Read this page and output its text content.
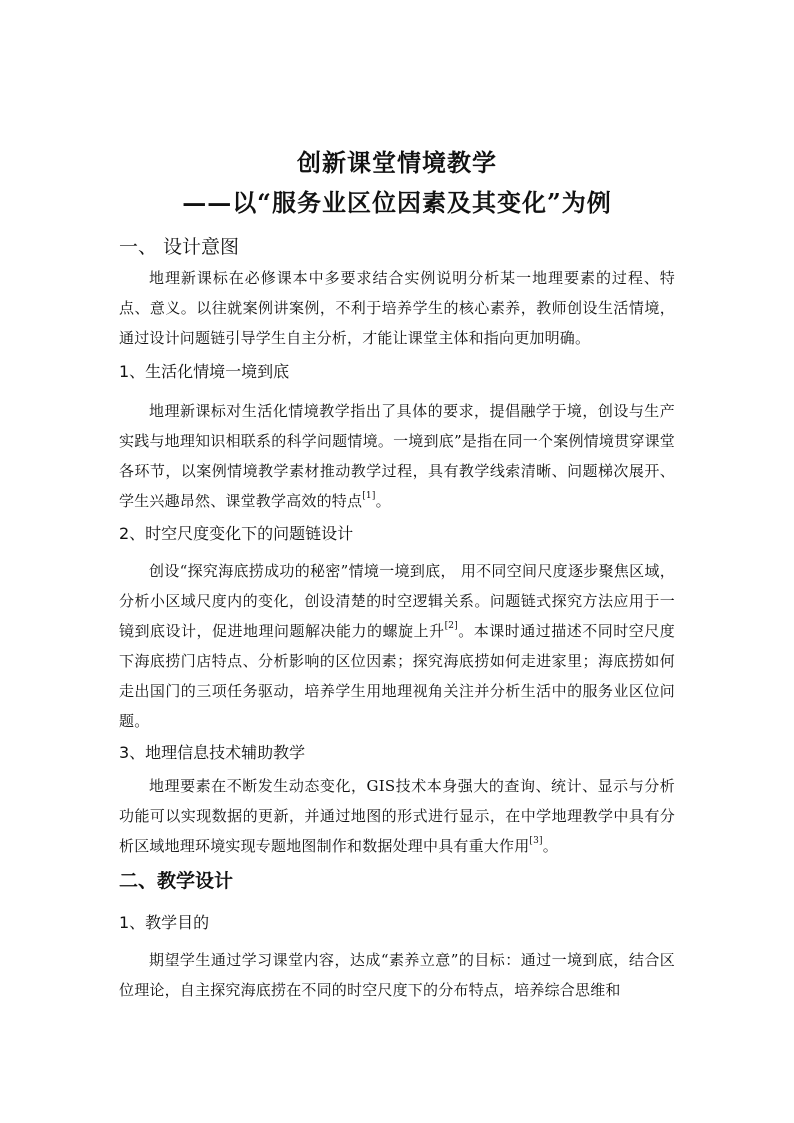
创新课堂情境教学
——以“服务业区位因素及其变化”为例
一、 设计意图

地理新课标在必修课本中多要求结合实例说明分析某一地理要素的过程、特点、意义。以往就案例讲案例，不利于培养学生的核心素养，教师创设生活情境，通过设计问题链引导学生自主分析，才能让课堂主体和指向更加明确。

1、生活化情境一境到底

地理新课标对生活化情境教学指出了具体的要求，提倡融学于境，创设与生产实践与地理知识相联系的科学问题情境。一境到底”是指在同一个案例情境贯穿课堂各环节，以案例情境教学素材推动教学过程，具有教学线索清晰、问题梯次展开、学生兴趣昂然、课堂教学高效的特点[1]。

2、时空尺度变化下的问题链设计

创设“探究海底捞成功的秘密”情境一境到底， 用不同空间尺度逐步聚焦区域，分析小区域尺度内的变化，创设清楚的时空逻辑关系。问题链式探究方法应用于一镜到底设计，促进地理问题解决能力的螺旋上升[2]。本课时通过描述不同时空尺度下海底捞门店特点、分析影响的区位因素；探究海底捞如何走进家里；海底捞如何走出国门的三项任务驱动，培养学生用地理视角关注并分析生活中的服务业区位问题。

3、地理信息技术辅助教学

地理要素在不断发生动态变化，GIS技术本身强大的查询、统计、显示与分析功能可以实现数据的更新，并通过地图的形式进行显示，在中学地理教学中具有分析区域地理环境实现专题地图制作和数据处理中具有重大作用[3]。

二、教学设计
1、教学目的

期望学生通过学习课堂内容，达成“素养立意”的目标：通过一境到底，结合区位理论，自主探究海底捞在不同的时空尺度下的分布特点，培养综合思维和
